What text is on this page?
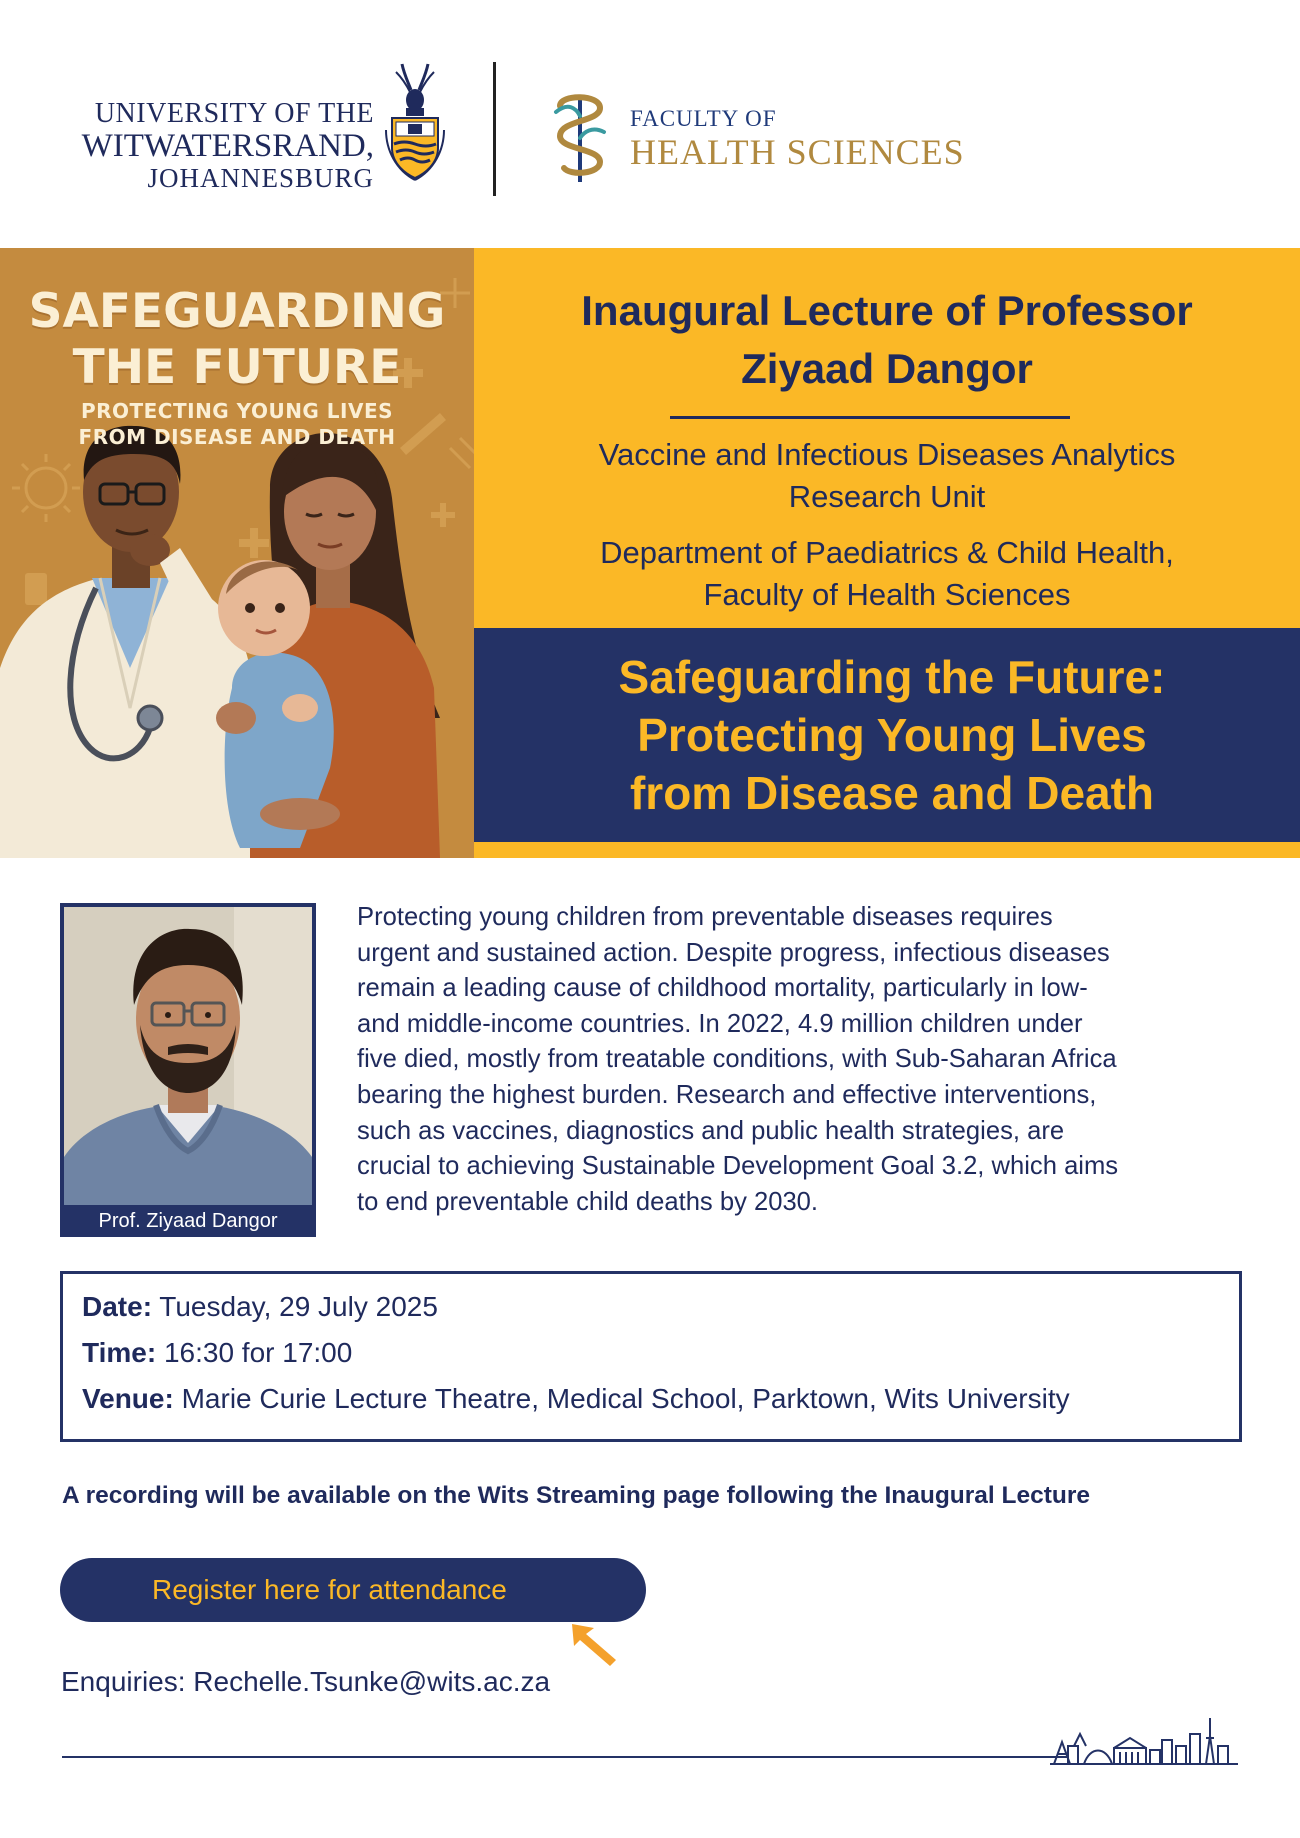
UNIVERSITY OF THE
WITWATERSRAND,
JOHANNESBURG
FACULTY OF
HEALTH SCIENCES
SAFEGUARDING
THE FUTURE
PROTECTING YOUNG LIVES
FROM DISEASE AND DEATH
Inaugural Lecture of Professor
Ziyaad Dangor
Vaccine and Infectious Diseases Analytics
Research Unit
Department of Paediatrics & Child Health,
Faculty of Health Sciences
Safeguarding the Future:
Protecting Young Lives
from Disease and Death
Prof. Ziyaad Dangor
Protecting young children from preventable diseases requires
urgent and sustained action. Despite progress, infectious diseases
remain a leading cause of childhood mortality, particularly in low-
and middle-income countries. In 2022, 4.9 million children under
five died, mostly from treatable conditions, with Sub-Saharan Africa
bearing the highest burden. Research and effective interventions,
such as vaccines, diagnostics and public health strategies, are
crucial to achieving Sustainable Development Goal 3.2, which aims
to end preventable child deaths by 2030.
Date: Tuesday, 29 July 2025
Time: 16:30 for 17:00
Venue: Marie Curie Lecture Theatre, Medical School, Parktown, Wits University
A recording will be available on the Wits Streaming page following the Inaugural Lecture
Register here for attendance
Enquiries: Rechelle.Tsunke@wits.ac.za
